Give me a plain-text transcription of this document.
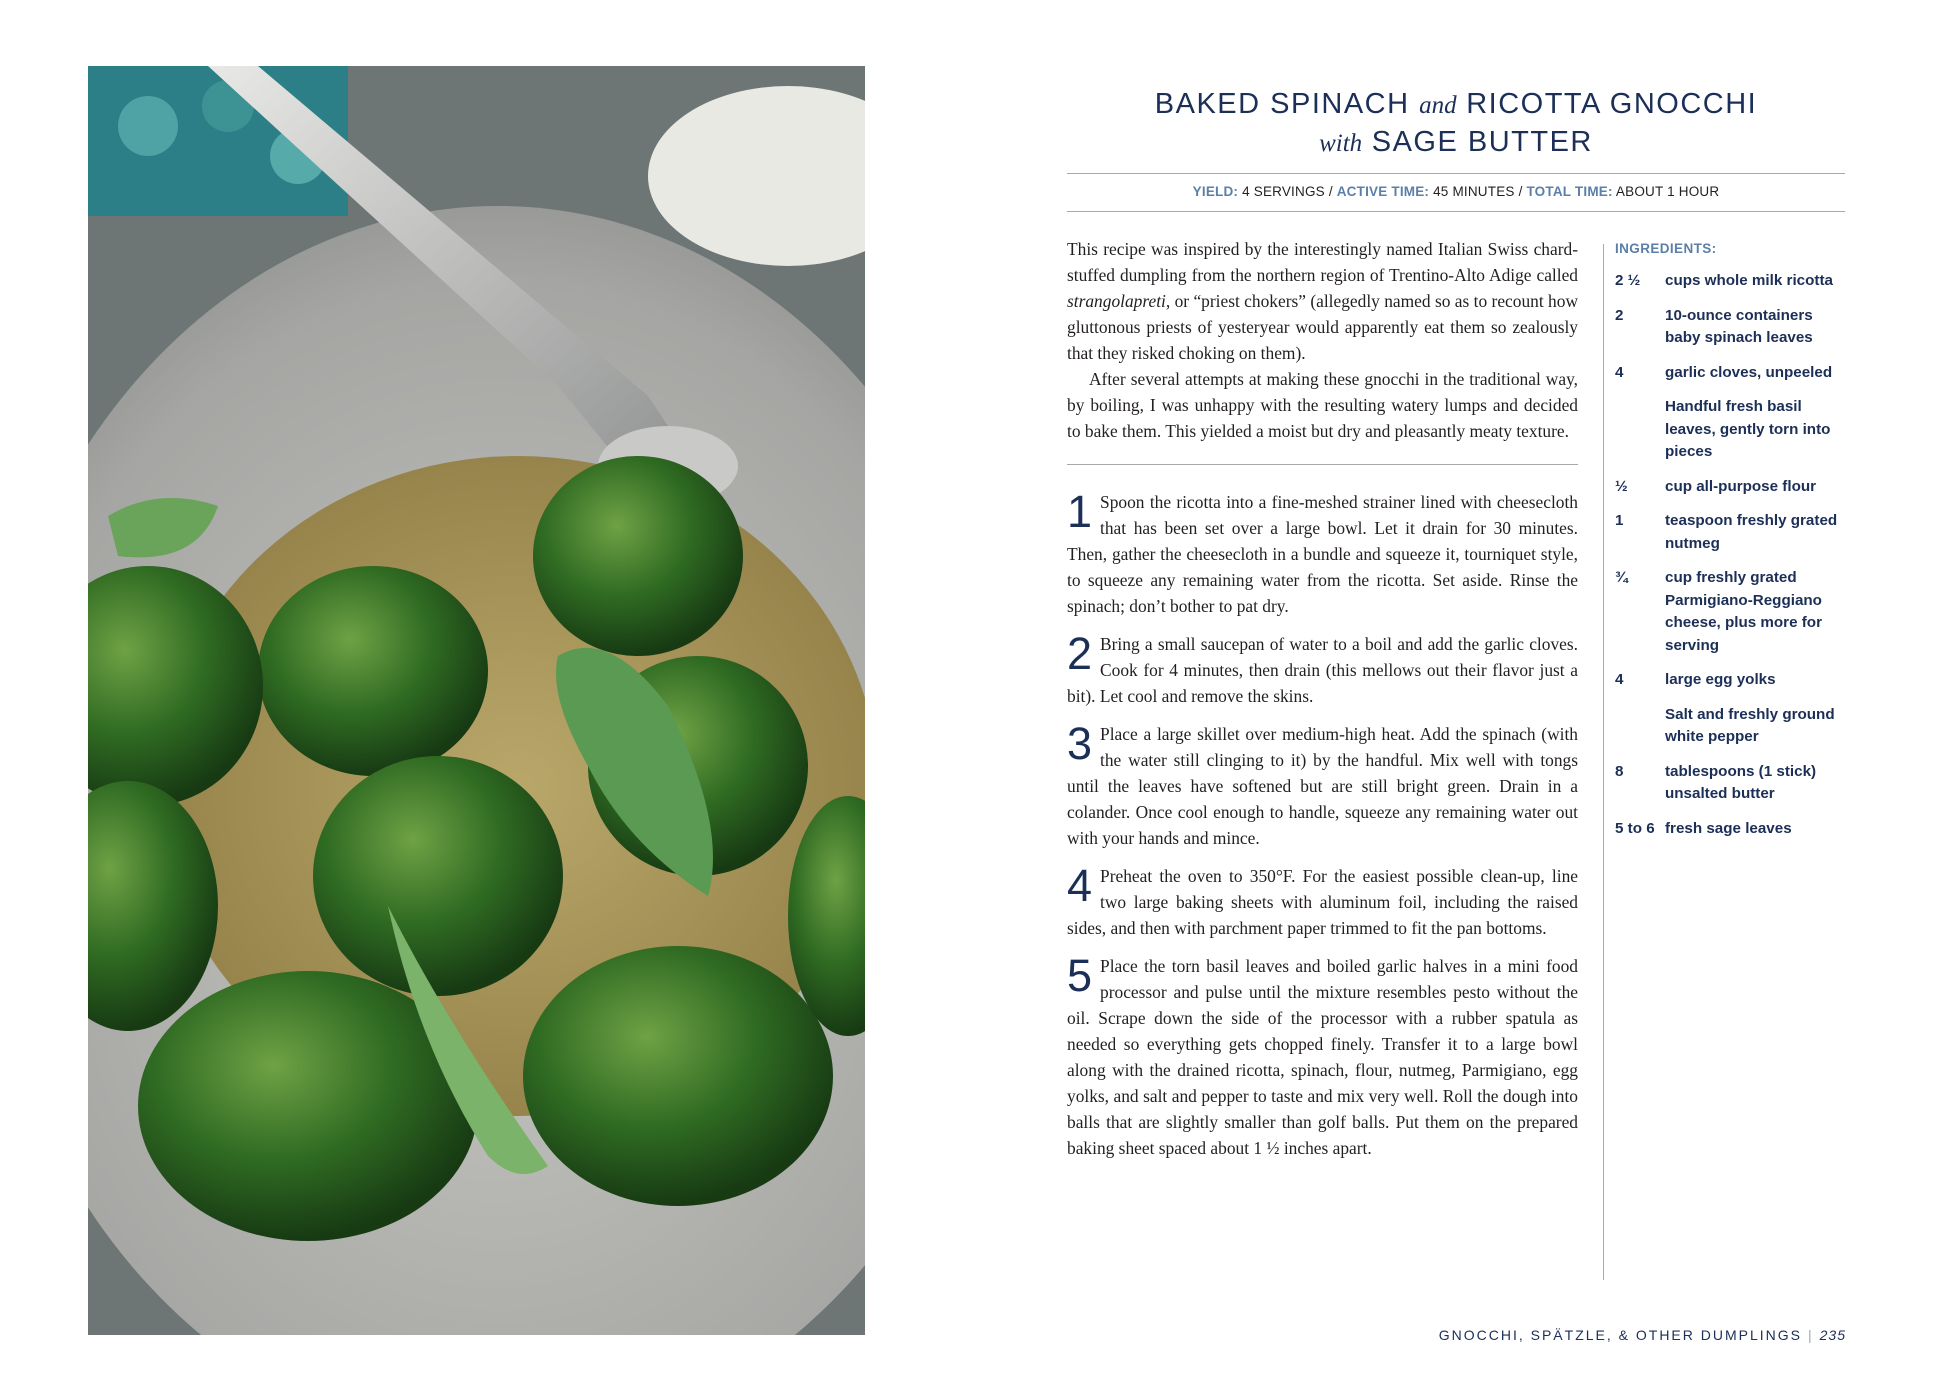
BAKED SPINACH and RICOTTA GNOCCHI
with SAGE BUTTER
YIELD: 4 SERVINGS / ACTIVE TIME: 45 MINUTES / TOTAL TIME: ABOUT 1 HOUR

This recipe was inspired by the interestingly named Italian Swiss chard-stuffed dumpling from the northern region of Trentino-Alto Adige called strangolapreti, or “priest chokers” (allegedly named so as to recount how gluttonous priests of yesteryear would apparently eat them so zealously that they risked choking on them).

After several attempts at making these gnocchi in the traditional way, by boiling, I was unhappy with the resulting watery lumps and decided to bake them. This yielded a moist but dry and pleasantly meaty texture.

1 Spoon the ricotta into a fine-meshed strainer lined with cheesecloth that has been set over a large bowl. Let it drain for 30 minutes. Then, gather the cheesecloth in a bundle and squeeze it, tourniquet style, to squeeze any remaining water from the ricotta. Set aside. Rinse the spinach; don’t bother to pat dry.

2 Bring a small saucepan of water to a boil and add the garlic cloves. Cook for 4 minutes, then drain (this mellows out their flavor just a bit). Let cool and remove the skins.

3 Place a large skillet over medium-high heat. Add the spinach (with the water still clinging to it) by the handful. Mix well with tongs until the leaves have softened but are still bright green. Drain in a colander. Once cool enough to handle, squeeze any remaining water out with your hands and mince.

4 Preheat the oven to 350°F. For the easiest possible clean-up, line two large baking sheets with aluminum foil, including the raised sides, and then with parchment paper trimmed to fit the pan bottoms.

5 Place the torn basil leaves and boiled garlic halves in a mini food processor and pulse until the mixture resembles pesto without the oil. Scrape down the side of the processor with a rubber spatula as needed so everything gets chopped finely. Transfer it to a large bowl along with the drained ricotta, spinach, flour, nutmeg, Parmigiano, egg yolks, and salt and pepper to taste and mix very well. Roll the dough into balls that are slightly smaller than golf balls. Put them on the prepared baking sheet spaced about 1 ½ inches apart.

INGREDIENTS:
2 ½	cups whole milk ricotta
2	10-ounce containers baby spinach leaves
4	garlic cloves, unpeeled
Handful fresh basil leaves, gently torn into pieces
½	cup all-purpose flour
1	teaspoon freshly grated nutmeg
¾	cup freshly grated Parmigiano-Reggiano cheese, plus more for serving
4	large egg yolks
Salt and freshly ground white pepper
8	tablespoons (1 stick) unsalted butter
5 to 6 fresh sage leaves
GNOCCHI, SPÄTZLE, & OTHER DUMPLINGS | 235
